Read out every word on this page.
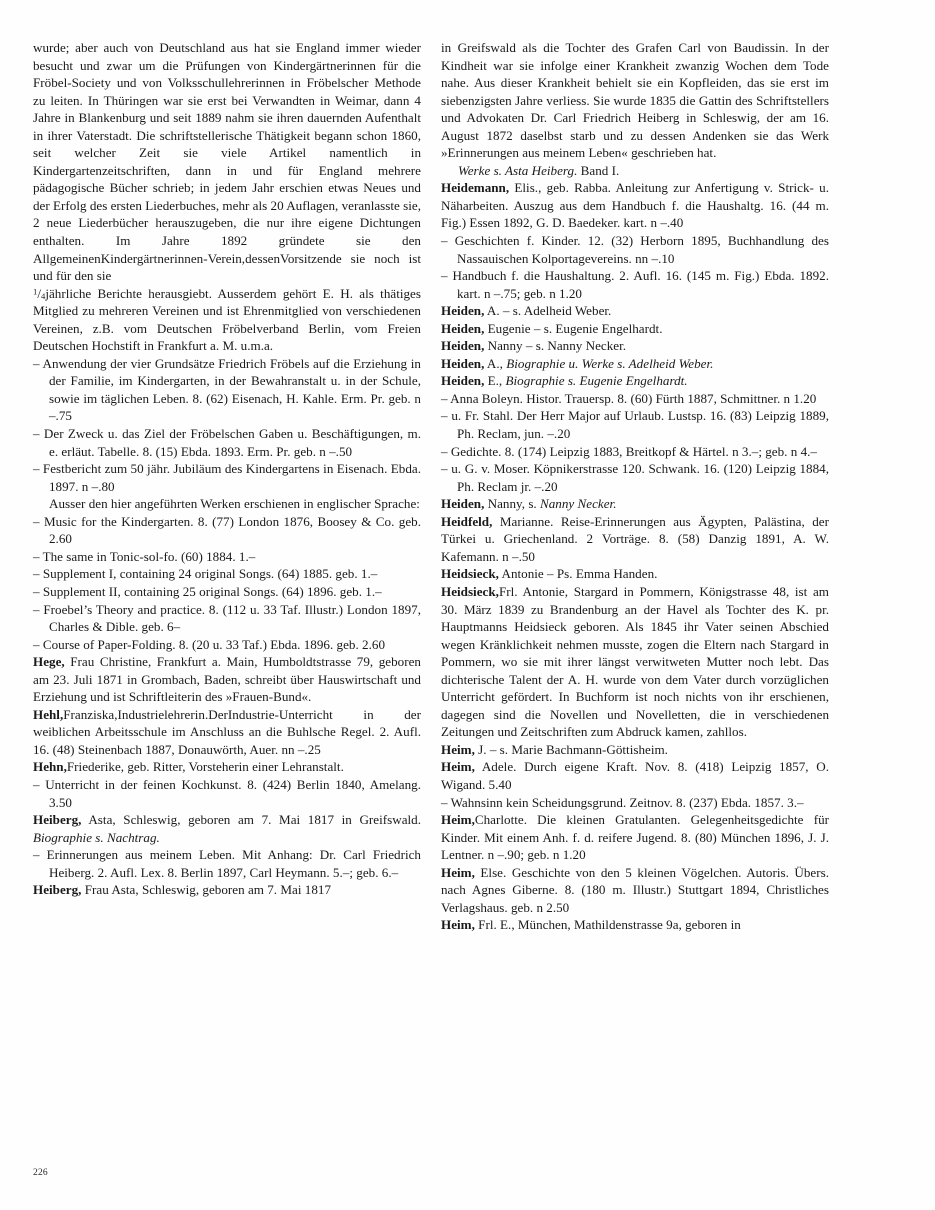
wurde; aber auch von Deutschland aus hat sie England immer wieder besucht und zwar um die Prüfungen von Kindergärtnerinnen für die Fröbel-Society und von Volksschullehrerinnen in Fröbelscher Methode zu leiten. In Thüringen war sie erst bei Verwandten in Weimar, dann 4 Jahre in Blankenburg und seit 1889 nahm sie ihren dauernden Aufenthalt in ihrer Vaterstadt. Die schriftstellerische Thätigkeit begann schon 1860, seit welcher Zeit sie viele Artikel namentlich in Kindergartenzeitschriften, dann in und für England mehrere pädagogische Bücher schrieb; in jedem Jahr erschien etwas Neues und der Erfolg des ersten Liederbuches, mehr als 20 Auflagen, veranlasste sie, 2 neue Liederbücher herauszugeben, die nur ihre eigene Dichtungen enthalten. Im Jahre 1892 gründete sie den AllgemeinenKindergärtnerinnen-Verein,dessenVorsitzende sie noch ist und für den sie

$^1/_4jährliche$ Berichte herausgiebt. Ausserdem gehört E. H. als thätiges Mitglied zu mehreren Vereinen und ist Ehrenmitglied von verschiedenen Vereinen, z.B. vom Deutschen Fröbelverband Berlin, vom Freien Deutschen Hochstift in Frankfurt a. M. u.m.a.

– Anwendung der vier Grundsätze Friedrich Fröbels auf die Erziehung in der Familie, im Kindergarten, in der Bewahranstalt u. in der Schule, sowie im täglichen Leben. 8. (62) Eisenach, H. Kahle. Erm. Pr. geb. n –.75

– Der Zweck u. das Ziel der Fröbelschen Gaben u. Beschäftigungen, m. e. erläut. Tabelle. 8. (15) Ebda. 1893. Erm. Pr. geb. n –.50

– Festbericht zum 50 jähr. Jubiläum des Kindergartens in Eisenach. Ebda. 1897. n –.80

Ausser den hier angeführten Werken erschienen in englischer Sprache:

– Music for the Kindergarten. 8. (77) London 1876, Boosey & Co. geb. 2.60

– The same in Tonic-sol-fo. (60) 1884. 1.–

– Supplement I, containing 24 original Songs. (64) 1885. geb. 1.–

– Supplement II, containing 25 original Songs. (64) 1896. geb. 1.–

– Froebel’s Theory and practice. 8. (112 u. 33 Taf. Illustr.) London 1897, Charles & Dible. geb. 6–

– Course of Paper-Folding. 8. (20 u. 33 Taf.) Ebda. 1896. geb. 2.60

Hege, Frau Christine, Frankfurt a. Main, Humboldtstrasse 79, geboren am 23. Juli 1871 in Grombach, Baden, schreibt über Hauswirtschaft und Erziehung und ist Schriftleiterin des »Frauen-Bund«.

Hehl,Franziska,Industrielehrerin.DerIndustrie-Unterricht in der weiblichen Arbeitsschule im Anschluss an die Buhlsche Regel. 2. Aufl. 16. (48) Steinenbach 1887, Donauwörth, Auer. nn –.25

Hehn,Friederike, geb. Ritter, Vorsteherin einer Lehranstalt.

– Unterricht in der feinen Kochkunst. 8. (424) Berlin 1840, Amelang. 3.50

Heiberg, Asta, Schleswig, geboren am 7. Mai 1817 in Greifswald. Biographie s. Nachtrag.

– Erinnerungen aus meinem Leben. Mit Anhang: Dr. Carl Friedrich Heiberg. 2. Aufl. Lex. 8. Berlin 1897, Carl Heymann. 5.–; geb. 6.–

Heiberg, Frau Asta, Schleswig, geboren am 7. Mai 1817

in Greifswald als die Tochter des Grafen Carl von Baudissin. In der Kindheit war sie infolge einer Krankheit zwanzig Wochen dem Tode nahe. Aus dieser Krankheit behielt sie ein Kopfleiden, das sie erst im siebenzigsten Jahre verliess. Sie wurde 1835 die Gattin des Schriftstellers und Advokaten Dr. Carl Friedrich Heiberg in Schleswig, der am 16. August 1872 daselbst starb und zu dessen Andenken sie das Werk »Erinnerungen aus meinem Leben« geschrieben hat.

Werke s. Asta Heiberg. Band I.

Heidemann, Elis., geb. Rabba. Anleitung zur Anfertigung v. Strick- u. Näharbeiten. Auszug aus dem Handbuch f. die Haushaltg. 16. (44 m. Fig.) Essen 1892, G. D. Baedeker. kart. n –.40

– Geschichten f. Kinder. 12. (32) Herborn 1895, Buchhandlung des Nassauischen Kolportagevereins. nn –.10

– Handbuch f. die Haushaltung. 2. Aufl. 16. (145 m. Fig.) Ebda. 1892. kart. n –.75; geb. n 1.20

Heiden, A. – s. Adelheid Weber.

Heiden, Eugenie – s. Eugenie Engelhardt.

Heiden, Nanny – s. Nanny Necker.

Heiden, A., Biographie u. Werke s. Adelheid Weber.

Heiden, E., Biographie s. Eugenie Engelhardt.

– Anna Boleyn. Histor. Trauersp. 8. (60) Fürth 1887, Schmittner. n 1.20

– u. Fr. Stahl. Der Herr Major auf Urlaub. Lustsp. 16. (83) Leipzig 1889, Ph. Reclam, jun. –.20

– Gedichte. 8. (174) Leipzig 1883, Breitkopf & Härtel. n 3.–; geb. n 4.–

– u. G. v. Moser. Köpnikerstrasse 120. Schwank. 16. (120) Leipzig 1884, Ph. Reclam jr. –.20

Heiden, Nanny, s. Nanny Necker.

Heidfeld, Marianne. Reise-Erinnerungen aus Ägypten, Palästina, der Türkei u. Griechenland. 2 Vorträge. 8. (58) Danzig 1891, A. W. Kafemann. n –.50

Heidsieck, Antonie – Ps. Emma Handen.

Heidsieck,Frl. Antonie, Stargard in Pommern, Königstrasse 48, ist am 30. März 1839 zu Brandenburg an der Havel als Tochter des K. pr. Hauptmanns Heidsieck geboren. Als 1845 ihr Vater seinen Abschied wegen Kränklichkeit nehmen musste, zogen die Eltern nach Stargard in Pommern, wo sie mit ihrer längst verwitweten Mutter noch lebt. Das dichterische Talent der A. H. wurde von dem Vater durch vorzüglichen Unterricht gefördert. In Buchform ist noch nichts von ihr erschienen, dagegen sind die Novellen und Novelletten, die in verschiedenen Zeitungen und Zeitschriften zum Abdruck kamen, zahllos.

Heim, J. – s. Marie Bachmann-Göttisheim.

Heim, Adele. Durch eigene Kraft. Nov. 8. (418) Leipzig 1857, O. Wigand. 5.40

– Wahnsinn kein Scheidungsgrund. Zeitnov. 8. (237) Ebda. 1857. 3.–

Heim,Charlotte. Die kleinen Gratulanten. Gelegenheitsgedichte für Kinder. Mit einem Anh. f. d. reifere Jugend. 8. (80) München 1896, J. J. Lentner. n –.90; geb. n 1.20

Heim, Else. Geschichte von den 5 kleinen Vögelchen. Autoris. Übers. nach Agnes Giberne. 8. (180 m. Illustr.) Stuttgart 1894, Christliches Verlagshaus. geb. n 2.50

Heim, Frl. E., München, Mathildenstrasse 9a, geboren in

226
